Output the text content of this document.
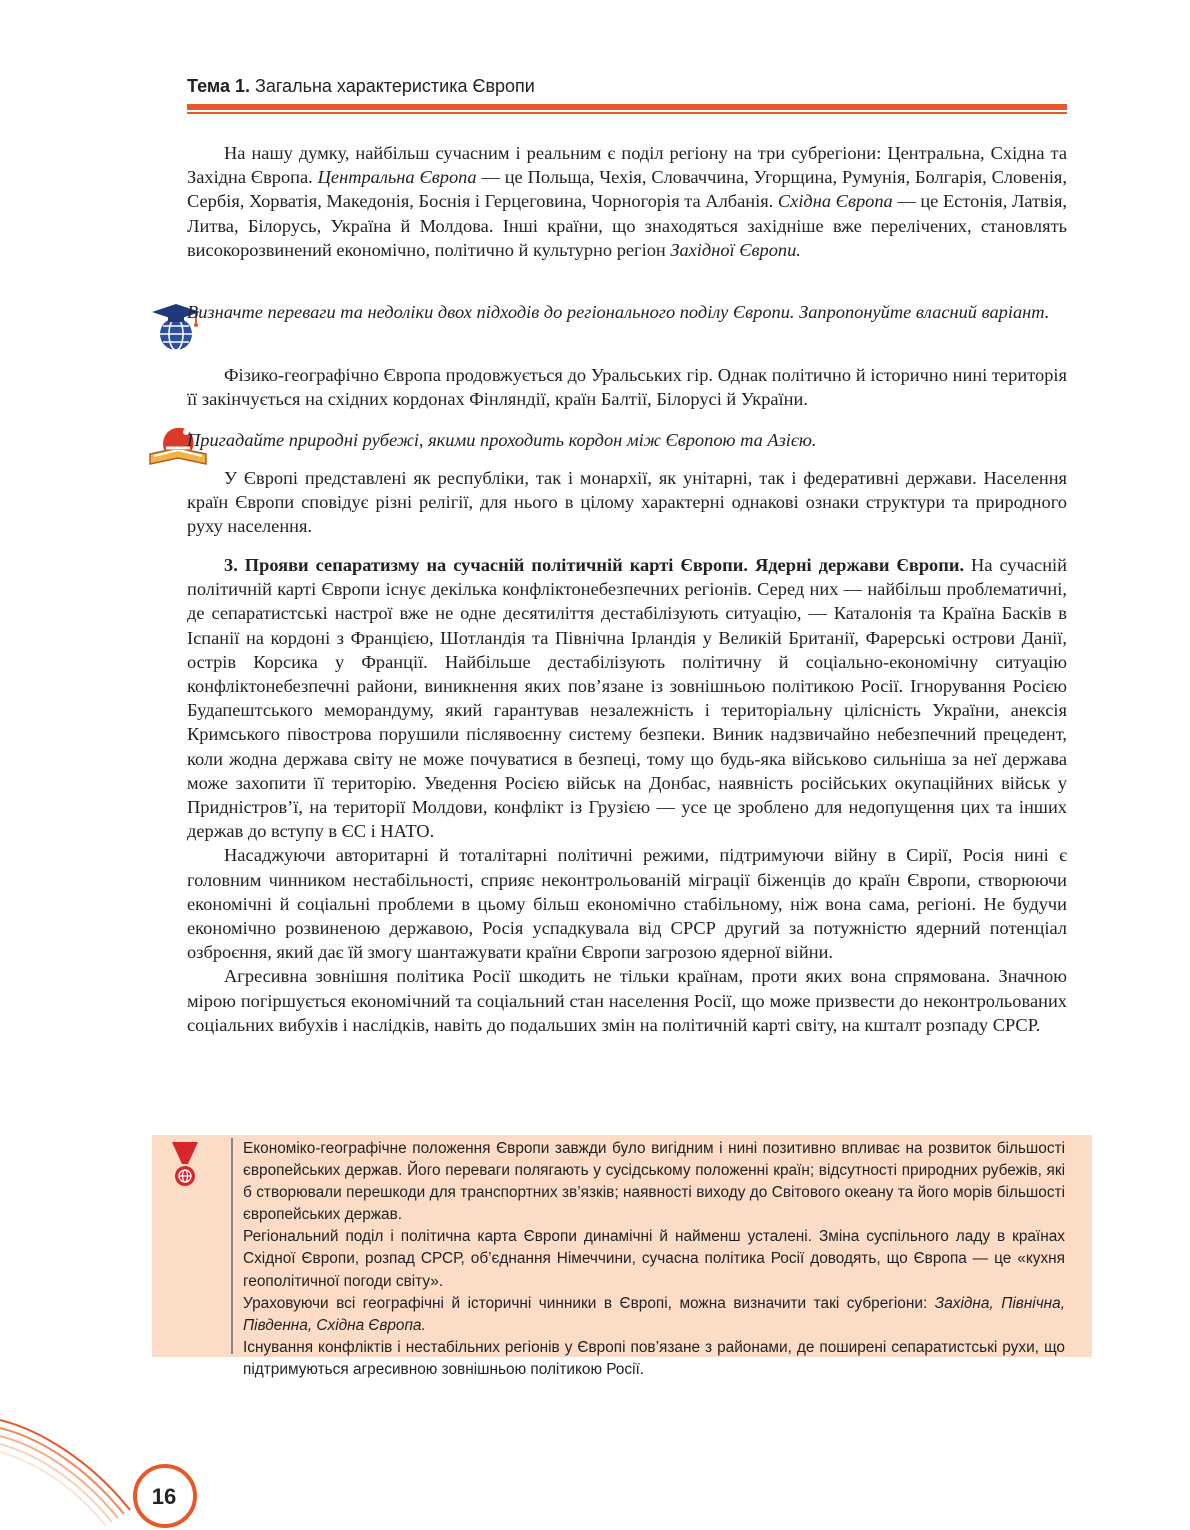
Тема 1. Загальна характеристика Європи

На нашу думку, найбільш сучасним і реальним є поділ регіону на три субрегіони: Центральна, Східна та Західна Європа. Центральна Європа — це Польща, Чехія, Словаччина, Угорщина, Румунія, Болгарія, Словенія, Сербія, Хорватія, Македонія, Боснія і Герцеговина, Чорногорія та Албанія. Східна Європа — це Естонія, Латвія, Литва, Білорусь, Україна й Молдова. Інші країни, що знаходяться західніше вже перелічених, становлять високорозвинений економічно, політично й культурно регіон Західної Європи.

Визначте переваги та недоліки двох підходів до регіонального поділу Європи. Запропонуйте власний варіант.

Фізико-географічно Європа продовжується до Уральських гір. Однак політично й історично нині територія її закінчується на східних кордонах Фінляндії, країн Балтії, Білорусі й України.

Пригадайте природні рубежі, якими проходить кордон між Європою та Азією.

У Європі представлені як республіки, так і монархії, як унітарні, так і федеративні держави. Населення країн Європи сповідує різні релігії, для нього в цілому характерні однакові ознаки структури та природного руху населення.

3. Прояви сепаратизму на сучасній політичній карті Європи. Ядерні держави Європи. На сучасній політичній карті Європи існує декілька конфліктонебезпечних регіонів. Серед них — найбільш проблематичні, де сепаратистські настрої вже не одне десятиліття дестабілізують ситуацію, — Каталонія та Країна Басків в Іспанії на кордоні з Францією, Шотландія та Північна Ірландія у Великій Британії, Фарерські острови Данії, острів Корсика у Франції. Найбільше дестабілізують політичну й соціально-економічну ситуацію конфліктонебезпечні райони, виникнення яких пов’язане із зовнішньою політикою Росії. Ігнорування Росією Будапештського меморандуму, який гарантував незалежність і територіальну цілісність України, анексія Кримського півострова порушили післявоєнну систему безпеки. Виник надзвичайно небезпечний прецедент, коли жодна держава світу не може почуватися в безпеці, тому що будь-яка військово сильніша за неї держава може захопити її територію. Уведення Росією військ на Донбас, наявність російських окупаційних військ у Придністров’ї, на території Молдови, конфлікт із Грузією — усе це зроблено для недопущення цих та інших держав до вступу в ЄС і НАТО.

Насаджуючи авторитарні й тоталітарні політичні режими, підтримуючи війну в Сирії, Росія нині є головним чинником нестабільності, сприяє неконтрольованій міграції біженців до країн Європи, створюючи економічні й соціальні проблеми в цьому більш економічно стабільному, ніж вона сама, регіоні. Не будучи економічно розвиненою державою, Росія успадкувала від СРСР другий за потужністю ядерний потенціал озброєння, який дає їй змогу шантажувати країни Європи загрозою ядерної війни.

Агресивна зовнішня політика Росії шкодить не тільки країнам, проти яких вона спрямована. Значною мірою погіршується економічний та соціальний стан населення Росії, що може призвести до неконтрольованих соціальних вибухів і наслідків, навіть до подальших змін на політичній карті світу, на кшталт розпаду СРСР.

Економіко-географічне положення Європи завжди було вигідним і нині позитивно впливає на розвиток більшості європейських держав. Його переваги полягають у сусідському положенні країн; відсутності природних рубежів, які б створювали перешкоди для транспортних зв’язків; наявності виходу до Світового океану та його морів більшості європейських держав.

Регіональний поділ і політична карта Європи динамічні й найменш усталені. Зміна суспільного ладу в країнах Східної Європи, розпад СРСР, об’єднання Німеччини, сучасна політика Росії доводять, що Європа — це «кухня геополітичної погоди світу».

Ураховуючи всі географічні й історичні чинники в Європі, можна визначити такі субрегіони: Західна, Північна, Південна, Східна Європа.

Існування конфліктів і нестабільних регіонів у Європі пов’язане з районами, де поширені сепаратистські рухи, що підтримуються агресивною зовнішньою політикою Росії.

16
